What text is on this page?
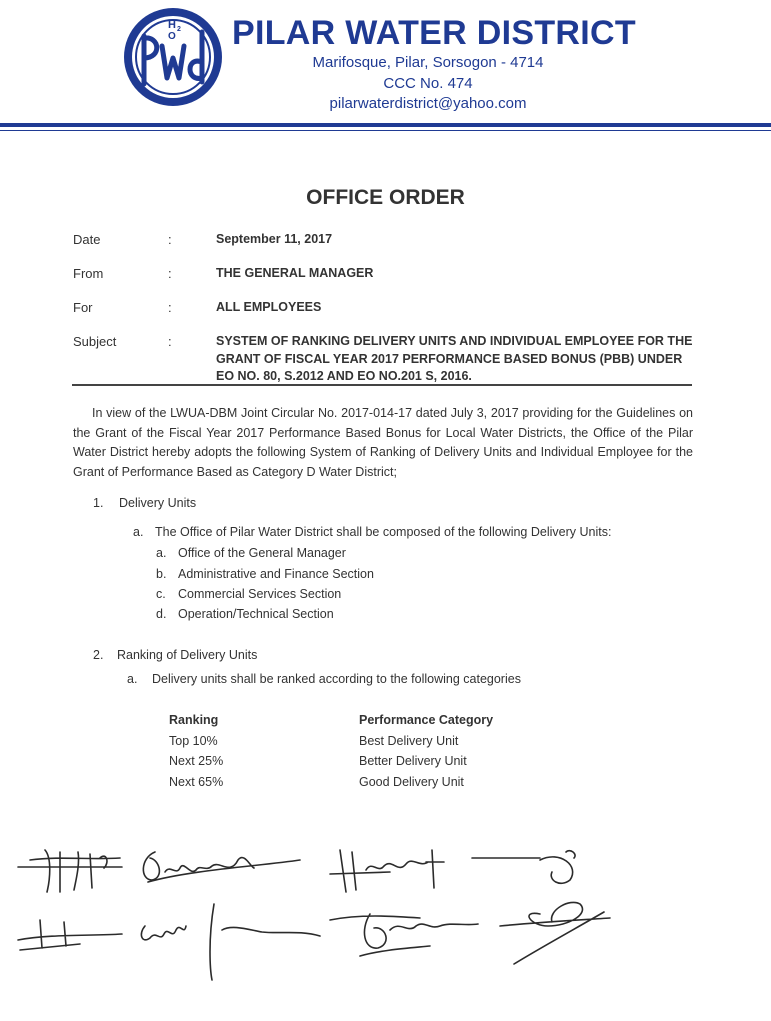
H 2
O PILAR WATER DISTRICT
Marifosque, Pilar, Sorsogon - 4714
CCC No. 474
pilarwaterdistrict@yahoo.com
OFFICE ORDER
Date	:	September 11, 2017
From	:	THE GENERAL MANAGER
For	:	ALL EMPLOYEES
Subject	:	SYSTEM OF RANKING DELIVERY UNITS AND INDIVIDUAL EMPLOYEE FOR THE GRANT OF FISCAL YEAR 2017 PERFORMANCE BASED BONUS (PBB) UNDER EO NO. 80, S.2012 AND EO NO.201 S, 2016.
In view of the LWUA-DBM Joint Circular No. 2017-014-17 dated July 3, 2017 providing for the Guidelines on the Grant of the Fiscal Year 2017 Performance Based Bonus for Local Water Districts, the Office of the Pilar Water District hereby adopts the following System of Ranking of Delivery Units and Individual Employee for the Grant of Performance Based as Category D Water District;
1. Delivery Units
a. The Office of Pilar Water District shall be composed of the following Delivery Units:
a. Office of the General Manager
b. Administrative and Finance Section
c. Commercial Services Section
d. Operation/Technical Section
2. Ranking of Delivery Units
a. Delivery units shall be ranked according to the following categories
Ranking	Performance Category
Top 10%	Best Delivery Unit
Next 25%	Better Delivery Unit
Next 65%	Good Delivery Unit
